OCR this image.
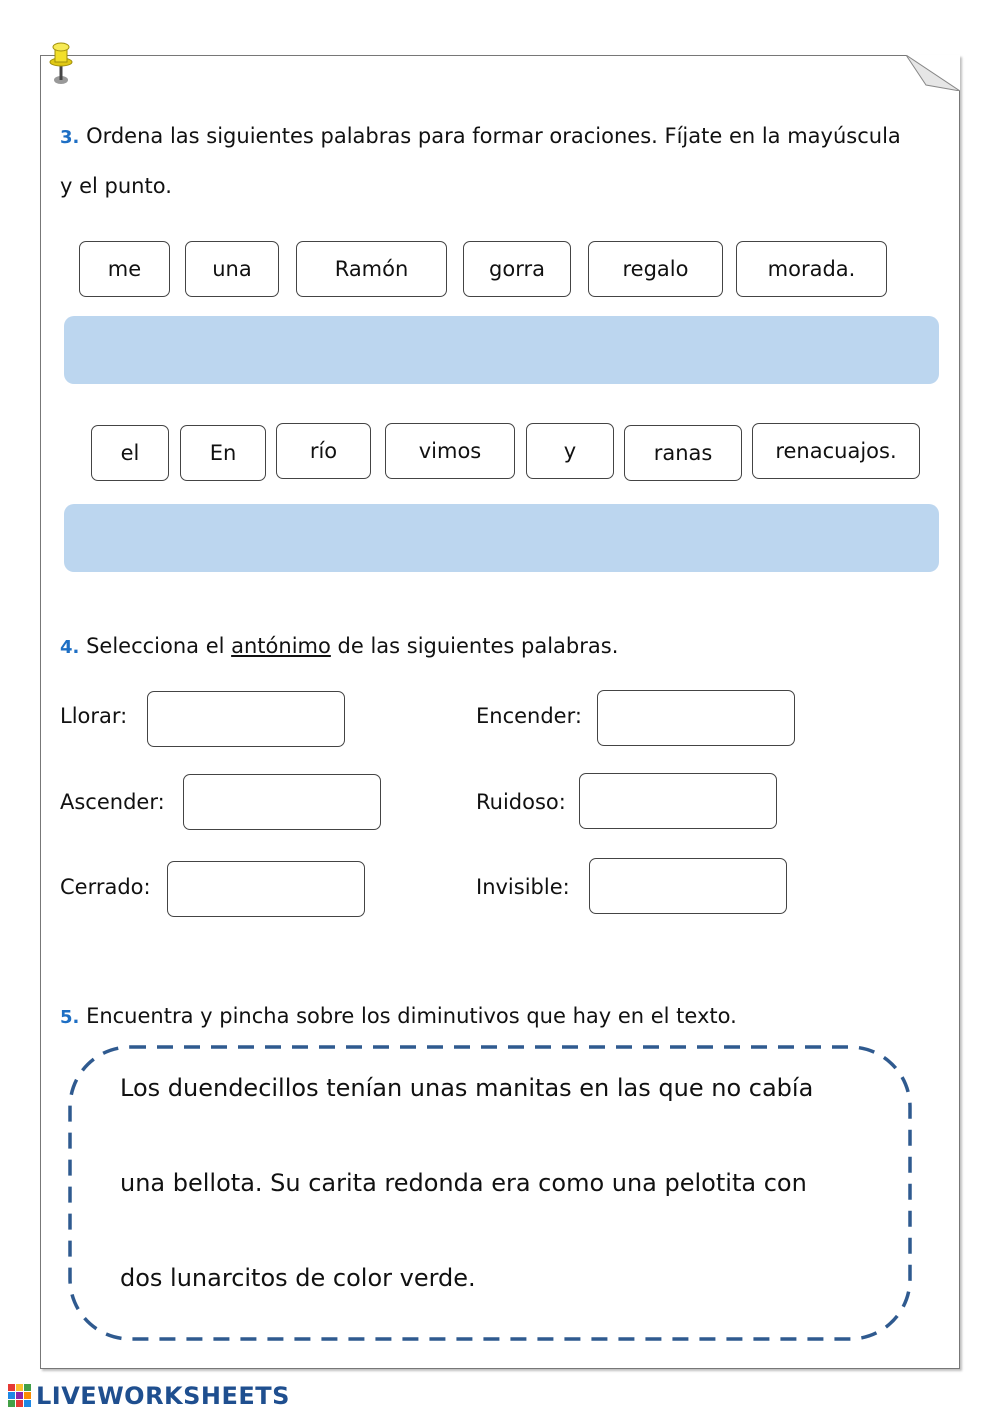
3. Ordena las siguientes palabras para formar oraciones. Fíjate en la mayúscula
y el punto.
me	una	Ramón	gorra	regalo	morada.
el	En	río	vimos	y	ranas	renacuajos.
4. Selecciona el antónimo de las siguientes palabras.
Llorar:	Encender:
Ascender:	Ruidoso:
Cerrado:	Invisible:
5. Encuentra y pincha sobre los diminutivos que hay en el texto.
Los duendecillos tenían unas manitas en las que no cabía
una bellota. Su carita redonda era como una pelotita con
dos lunarcitos de color verde.
LIVEWORKSHEETS
